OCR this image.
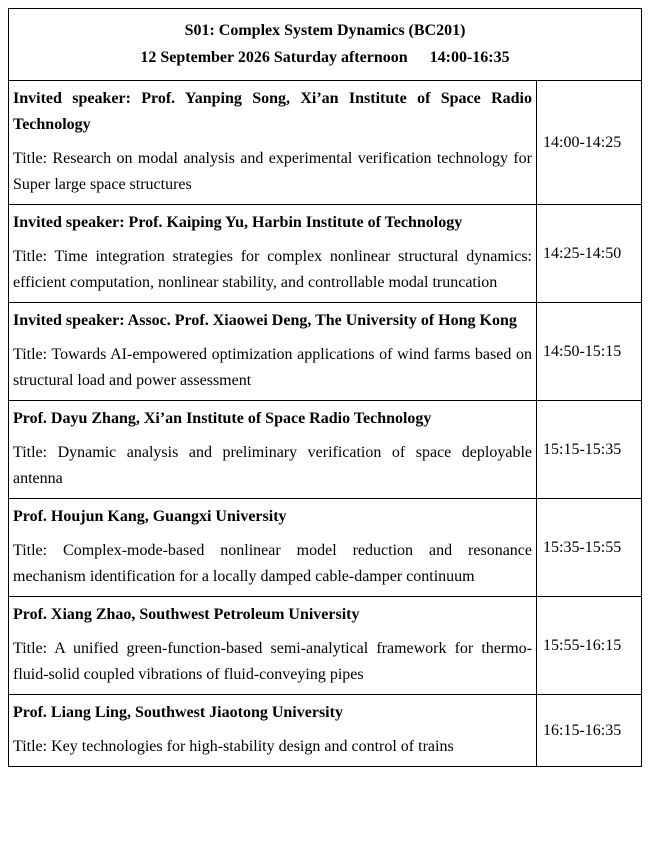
S01: Complex System Dynamics (BC201)
12 September 2026 Saturday afternoon 14:00-16:35	

Invited speaker: Prof. Yanping Song, Xi’an Institute of Space Radio Technology
Title: Research on modal analysis and experimental verification technology for Super large space structures	14:00-14:25

Invited speaker: Prof. Kaiping Yu, Harbin Institute of Technology
Title: Time integration strategies for complex nonlinear structural dynamics: efficient computation, nonlinear stability, and controllable modal truncation	14:25-14:50

Invited speaker: Assoc. Prof. Xiaowei Deng, The University of Hong Kong
Title: Towards AI-empowered optimization applications of wind farms based on structural load and power assessment	14:50-15:15

Prof. Dayu Zhang, Xi’an Institute of Space Radio Technology
Title: Dynamic analysis and preliminary verification of space deployable antenna	15:15-15:35

Prof. Houjun Kang, Guangxi University
Title: Complex-mode-based nonlinear model reduction and resonance mechanism identification for a locally damped cable-damper continuum	15:35-15:55

Prof. Xiang Zhao, Southwest Petroleum University
Title: A unified green-function-based semi-analytical framework for thermo-fluid-solid coupled vibrations of fluid-conveying pipes	15:55-16:15

Prof. Liang Ling, Southwest Jiaotong University
Title: Key technologies for high-stability design and control of trains	16:15-16:35
